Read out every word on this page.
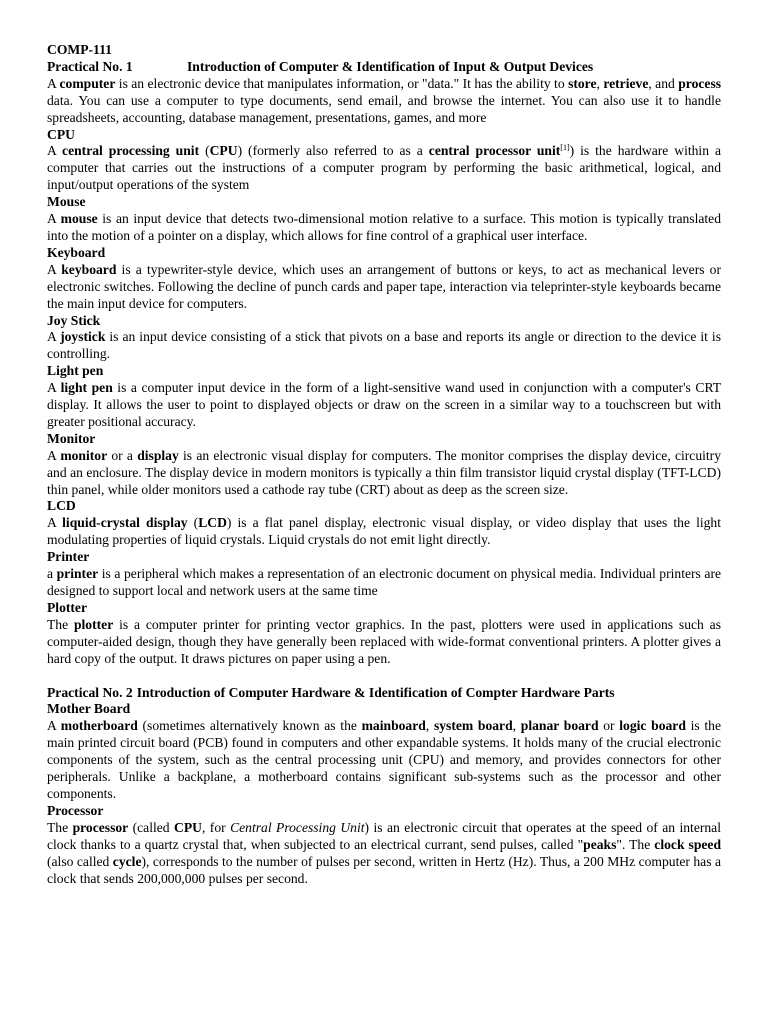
COMP-111

Practical No. 1	Introduction of Computer & Identification of Input & Output Devices

A computer is an electronic device that manipulates information, or "data." It has the ability to store, retrieve, and process data. You can use a computer to type documents, send email, and browse the internet. You can also use it to handle spreadsheets, accounting, database management, presentations, games, and more

CPU

A central processing unit (CPU) (formerly also referred to as a central processor unit[1]) is the hardware within a computer that carries out the instructions of a computer program by performing the basic arithmetical, logical, and input/output operations of the system

Mouse

A mouse is an input device that detects two-dimensional motion relative to a surface. This motion is typically translated into the motion of a pointer on a display, which allows for fine control of a graphical user interface.

Keyboard

A keyboard is a typewriter-style device, which uses an arrangement of buttons or keys, to act as mechanical levers or electronic switches. Following the decline of punch cards and paper tape, interaction via teleprinter-style keyboards became the main input device for computers.

Joy Stick

A joystick is an input device consisting of a stick that pivots on a base and reports its angle or direction to the device it is controlling.

Light pen

A light pen is a computer input device in the form of a light-sensitive wand used in conjunction with a computer's CRT display. It allows the user to point to displayed objects or draw on the screen in a similar way to a touchscreen but with greater positional accuracy.

Monitor

A monitor or a display is an electronic visual display for computers. The monitor comprises the display device, circuitry and an enclosure. The display device in modern monitors is typically a thin film transistor liquid crystal display (TFT-LCD) thin panel, while older monitors used a cathode ray tube (CRT) about as deep as the screen size.

LCD

A liquid-crystal display (LCD) is a flat panel display, electronic visual display, or video display that uses the light modulating properties of liquid crystals. Liquid crystals do not emit light directly.

Printer

a printer is a peripheral which makes a representation of an electronic document on physical media. Individual printers are designed to support local and network users at the same time

Plotter

The plotter is a computer printer for printing vector graphics. In the past, plotters were used in applications such as computer-aided design, though they have generally been replaced with wide-format conventional printers. A plotter gives a hard copy of the output. It draws pictures on paper using a pen.

Practical No. 2 Introduction of Computer Hardware & Identification of Compter Hardware Parts

Mother Board

A motherboard (sometimes alternatively known as the mainboard, system board, planar board or logic board is the main printed circuit board (PCB) found in computers and other expandable systems. It holds many of the crucial electronic components of the system, such as the central processing unit (CPU) and memory, and provides connectors for other peripherals. Unlike a backplane, a motherboard contains significant sub-systems such as the processor and other components.

Processor

The processor (called CPU, for Central Processing Unit) is an electronic circuit that operates at the speed of an internal clock thanks to a quartz crystal that, when subjected to an electrical currant, send pulses, called "peaks". The clock speed (also called cycle), corresponds to the number of pulses per second, written in Hertz (Hz). Thus, a 200 MHz computer has a clock that sends 200,000,000 pulses per second.
